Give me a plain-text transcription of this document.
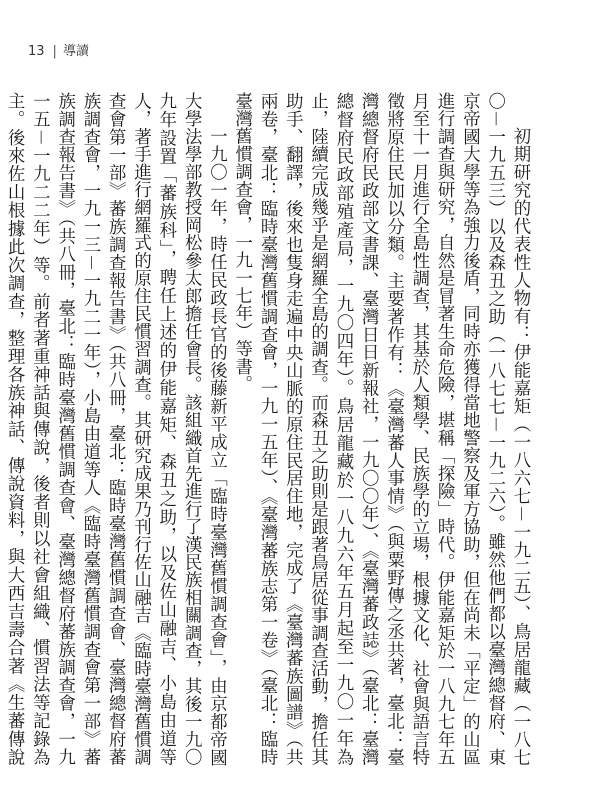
13 | 導讀

初期研究的代表性人物有：伊能嘉矩（一八六七－一九二五）、鳥居龍藏（一八七〇－一九五三）以及森丑之助（一八七七－一九二六）。雖然他們都以臺灣總督府、東京帝國大學等為強力後盾，同時亦獲得當地警察及軍方協助，但在尚未「平定」的山區進行調查與研究，自然是冒著生命危險，堪稱「探險」時代。伊能嘉矩於一八九七年五月至十一月進行全島性調查，其基於人類學、民族學的立場，根據文化、社會與語言特徵將原住民加以分類。主要著作有：《臺灣蕃人事情》（與粟野傳之丞共著，臺北：臺灣總督府民政部文書課、臺灣日日新報社，一九〇〇年）、《臺灣蕃政誌》（臺北：臺灣總督府民政部殖產局，一九〇四年）。鳥居龍藏於一八九六年五月起至一九〇一年為止，陸續完成幾乎是網羅全島的調查。而森丑之助則是跟著鳥居從事調查活動，擔任其助手、翻譯，後來也隻身走遍中央山脈的原住民居住地，完成了《臺灣蕃族圖譜》（共兩卷，臺北：臨時臺灣舊慣調查會，一九一五年）、《臺灣蕃族志第一卷》（臺北：臨時臺灣舊慣調查會，一九一七年）等書。

一九〇一年，時任民政長官的後藤新平成立「臨時臺灣舊慣調查會」，由京都帝國大學法學部教授岡松參太郎擔任會長。該組織首先進行了漢民族相關調查，其後一九〇九年設置「蕃族科」，聘任上述的伊能嘉矩、森丑之助，以及佐山融吉、小島由道等人，著手進行網羅式的原住民慣習調查。其研究成果乃刊行佐山融吉《臨時臺灣舊慣調查會第一部》蕃族調查報告書》（共八冊，臺北：臨時臺灣舊慣調查會、臺灣總督府蕃族調查會，一九一三－一九二一年），小島由道等人《臨時臺灣舊慣調查會第一部》蕃族調查報告書》（共八冊，臺北：臨時臺灣舊慣調查會、臺灣總督府蕃族調查會，一九一五－一九二二年）等。前者著重神話與傳說，後者則以社會組織、慣習法等記錄為主。後來佐山根據此次調查，整理各族神話、傳說資料，與大西吉壽合著《生蕃傳說
